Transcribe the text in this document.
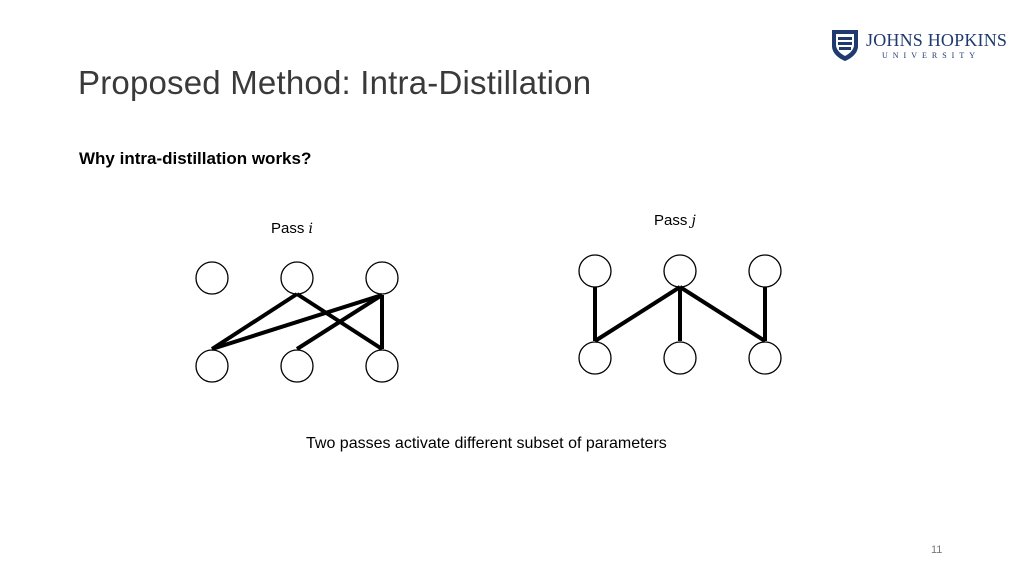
JOHNS HOPKINS
UNIVERSITY
Proposed Method: Intra-Distillation
Why intra-distillation works?
Pass i	Pass j
Two passes activate different subset of parameters
11
